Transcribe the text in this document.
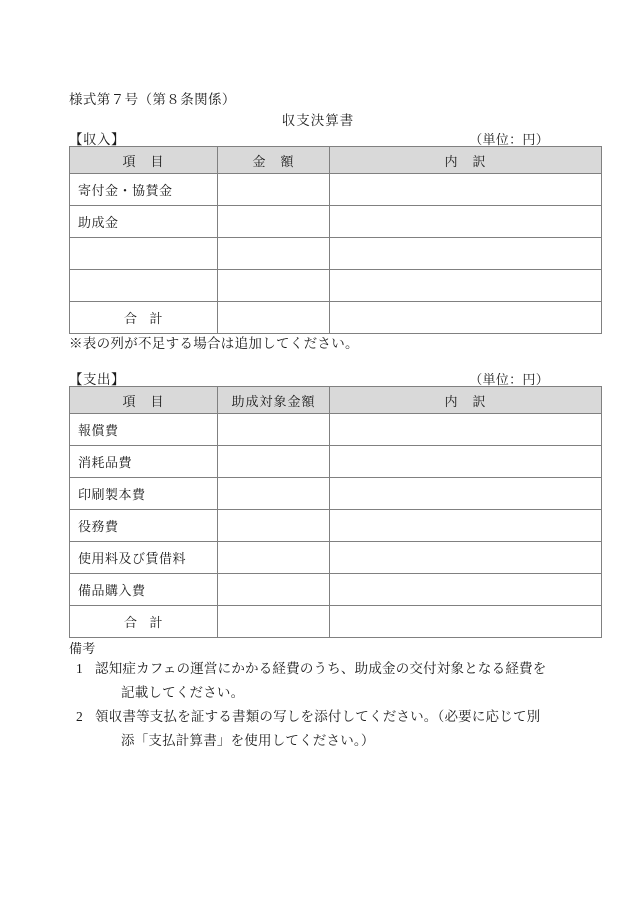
様式第７号（第８条関係）
収支決算書
【収入】	（単位：円）
項　目	金　額	内　訳
寄付金・協賛金		
助成金		

合 計		
※表の列が不足する場合は追加してください。
【支出】	（単位：円）
項　目	助成対象金額	内　訳
報償費		
消耗品費		
印刷製本費		
役務費		
使用料及び賃借料		
備品購入費		
合 計		
備考
1 認知症カフェの運営にかかる経費のうち、助成金の交付対象となる経費を
記載してください。
2 領収書等支払を証する書類の写しを添付してください。（必要に応じて別
添「支払計算書」を使用してください。）
